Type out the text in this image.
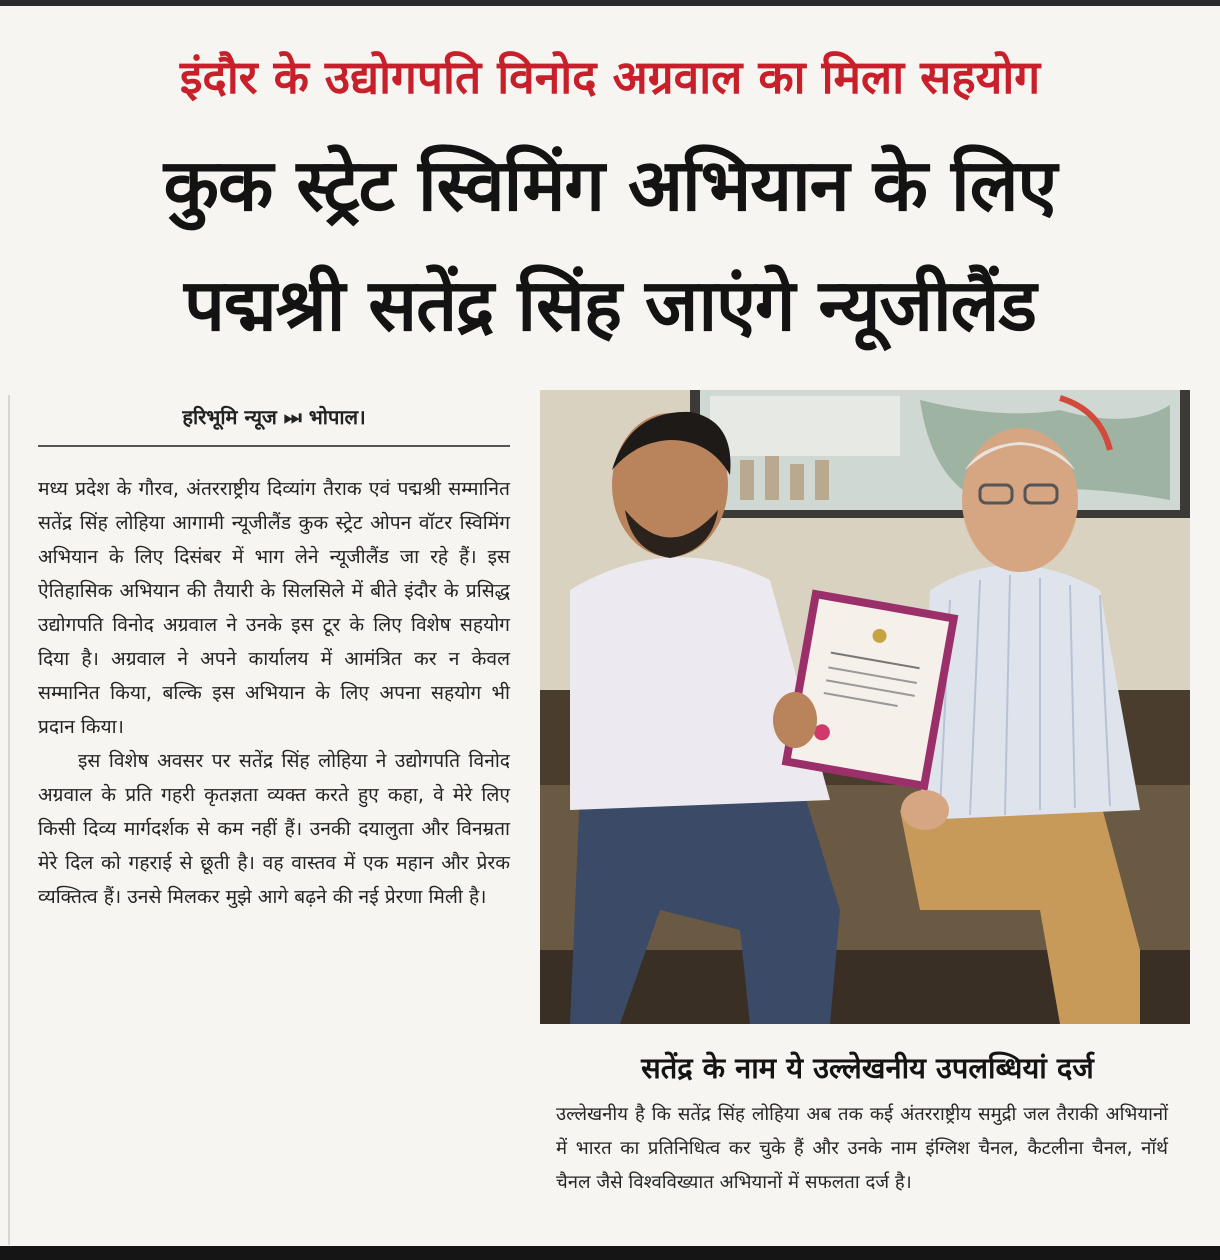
इंदौर के उद्योगपति विनोद अग्रवाल का मिला सहयोग
कुक स्ट्रेट स्विमिंग अभियान के लिए
पद्मश्री सतेंद्र सिंह जाएंगे न्यूजीलैंड
हरिभूमि न्यूज ⏭ भोपाल।

मध्य प्रदेश के गौरव, अंतरराष्ट्रीय दिव्यांग तैराक एवं पद्मश्री सम्मानित सतेंद्र सिंह लोहिया आगामी न्यूजीलैंड कुक स्ट्रेट ओपन वॉटर स्विमिंग अभियान के लिए दिसंबर में भाग लेने न्यूजीलैंड जा रहे हैं। इस ऐतिहासिक अभियान की तैयारी के सिलसिले में बीते इंदौर के प्रसिद्ध उद्योगपति विनोद अग्रवाल ने उनके इस टूर के लिए विशेष सहयोग दिया है। अग्रवाल ने अपने कार्यालय में आमंत्रित कर न केवल सम्मानित किया, बल्कि इस अभियान के लिए अपना सहयोग भी प्रदान किया।

इस विशेष अवसर पर सतेंद्र सिंह लोहिया ने उद्योगपति विनोद अग्रवाल के प्रति गहरी कृतज्ञता व्यक्त करते हुए कहा, वे मेरे लिए किसी दिव्य मार्गदर्शक से कम नहीं हैं। उनकी दयालुता और विनम्रता मेरे दिल को गहराई से छूती है। वह वास्तव में एक महान और प्रेरक व्यक्तित्व हैं। उनसे मिलकर मुझे आगे बढ़ने की नई प्रेरणा मिली है।

सतेंद्र के नाम ये उल्लेखनीय उपलब्धियां दर्ज
उल्लेखनीय है कि सतेंद्र सिंह लोहिया अब तक कई अंतरराष्ट्रीय समुद्री जल तैराकी अभियानों में भारत का प्रतिनिधित्व कर चुके हैं और उनके नाम इंग्लिश चैनल, कैटलीना चैनल, नॉर्थ चैनल जैसे विश्वविख्यात अभियानों में सफलता दर्ज है।
